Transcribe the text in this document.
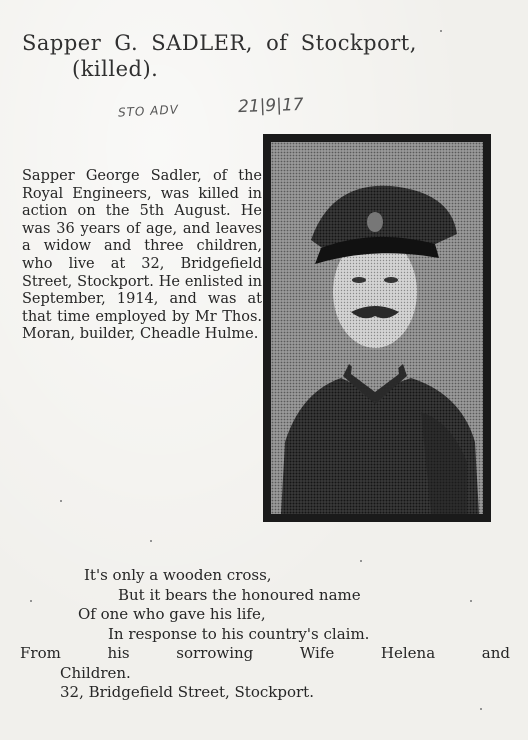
Sapper G. SADLER, of Stockport,
(killed).
STO ADV	21|9|17

Sapper George Sadler, of the Royal Engineers, was killed in action on the 5th August. He was 36 years of age, and leaves a widow and three children, who live at 32, Bridgefield Street, Stockport. He enlisted in September, 1914, and was at that time employed by Mr Thos. Moran, builder, Cheadle Hulme.

It's only a wooden cross,
But it bears the honoured name
Of one who gave his life,
In response to his country's claim.
From his sorrowing Wife Helena and
Children.
32, Bridgefield Street, Stockport.
